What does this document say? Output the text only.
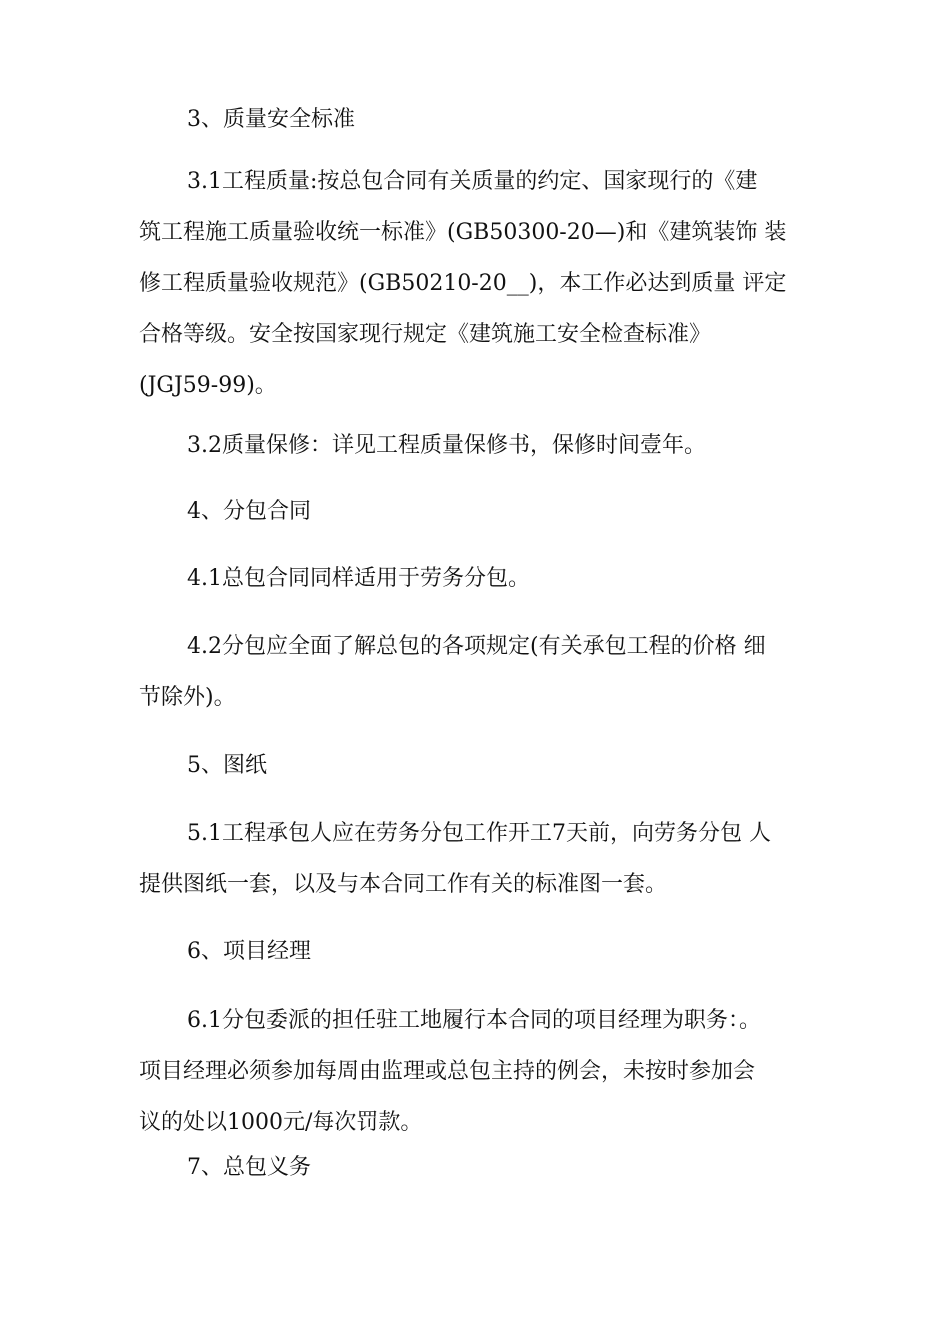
3、质量安全标准

3.1工程质量:按总包合同有关质量的约定、国家现行的《建
筑工程施工质量验收统一标准》(GB50300-20—)和《建筑装饰 装
修工程质量验收规范》(GB50210-20__)，本工作必达到质量 评定
合格等级。安全按国家现行规定《建筑施工安全检查标准》
(JGJ59-99)。

3.2质量保修：详见工程质量保修书，保修时间壹年。

4、分包合同

4.1总包合同同样适用于劳务分包。

4.2分包应全面了解总包的各项规定(有关承包工程的价格 细
节除外)。

5、图纸

5.1工程承包人应在劳务分包工作开工7天前，向劳务分包 人
提供图纸一套，以及与本合同工作有关的标准图一套。

6、项目经理

6.1分包委派的担任驻工地履行本合同的项目经理为职务：。
项目经理必须参加每周由监理或总包主持的例会，未按时参加会
议的处以1000元/每次罚款。

7、总包义务
